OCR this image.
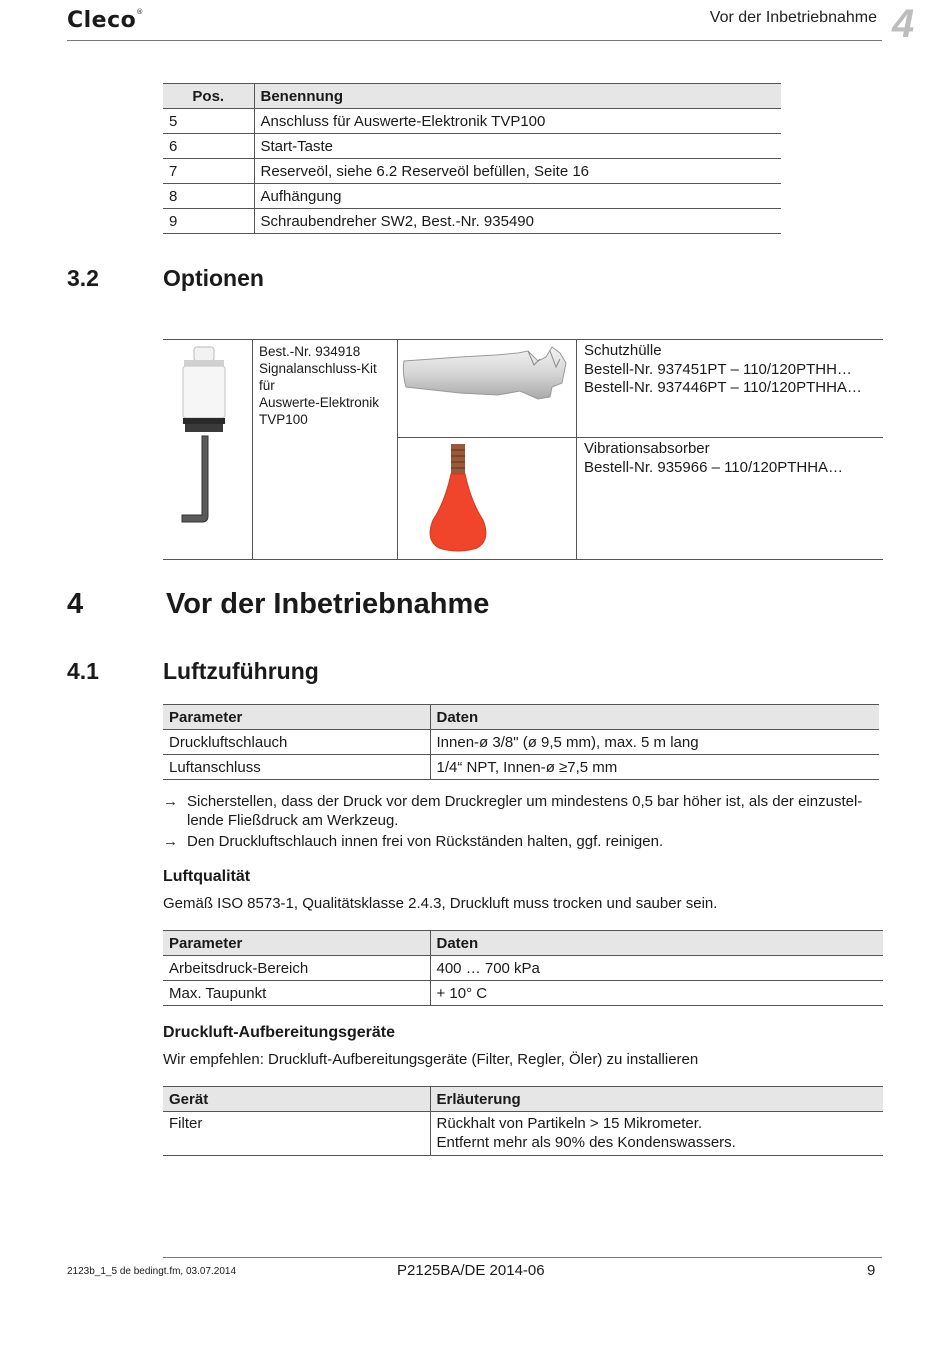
Cleco®	Vor der Inbetriebnahme 4
Pos.	Benennung
5	Anschluss für Auswerte-Elektronik TVP100
6	Start-Taste
7	Reserveöl, siehe 6.2 Reserveöl befüllen, Seite 16
8	Aufhängung
9	Schraubendreher SW2, Best.-Nr. 935490
3.2	Optionen
Best.-Nr. 934918
Signalanschluss-Kit
für
Auswerte-Elektronik
TVP100
Schutzhülle
Bestell-Nr. 937451PT – 110/120PTHH…
Bestell-Nr. 937446PT – 110/120PTHHA…
Vibrationsabsorber
Bestell-Nr. 935966 – 110/120PTHHA…
4	Vor der Inbetriebnahme
4.1	Luftzuführung
Parameter	Daten
Druckluftschlauch	Innen-ø 3/8" (ø 9,5 mm), max. 5 m lang
Luftanschluss	1/4“ NPT, Innen-ø ≥7,5 mm
→ Sicherstellen, dass der Druck vor dem Druckregler um mindestens 0,5 bar höher ist, als der einzustel-
lende Fließdruck am Werkzeug.
→ Den Druckluftschlauch innen frei von Rückständen halten, ggf. reinigen.
Luftqualität
Gemäß ISO 8573-1, Qualitätsklasse 2.4.3, Druckluft muss trocken und sauber sein.
Parameter	Daten
Arbeitsdruck-Bereich	400 … 700 kPa
Max. Taupunkt	+ 10° C
Druckluft-Aufbereitungsgeräte
Wir empfehlen: Druckluft-Aufbereitungsgeräte (Filter, Regler, Öler) zu installieren
Gerät	Erläuterung
Filter	Rückhalt von Partikeln > 15 Mikrometer.
Entfernt mehr als 90% des Kondenswassers.
2123b_1_5 de bedingt.fm, 03.07.2014	P2125BA/DE 2014-06	9
